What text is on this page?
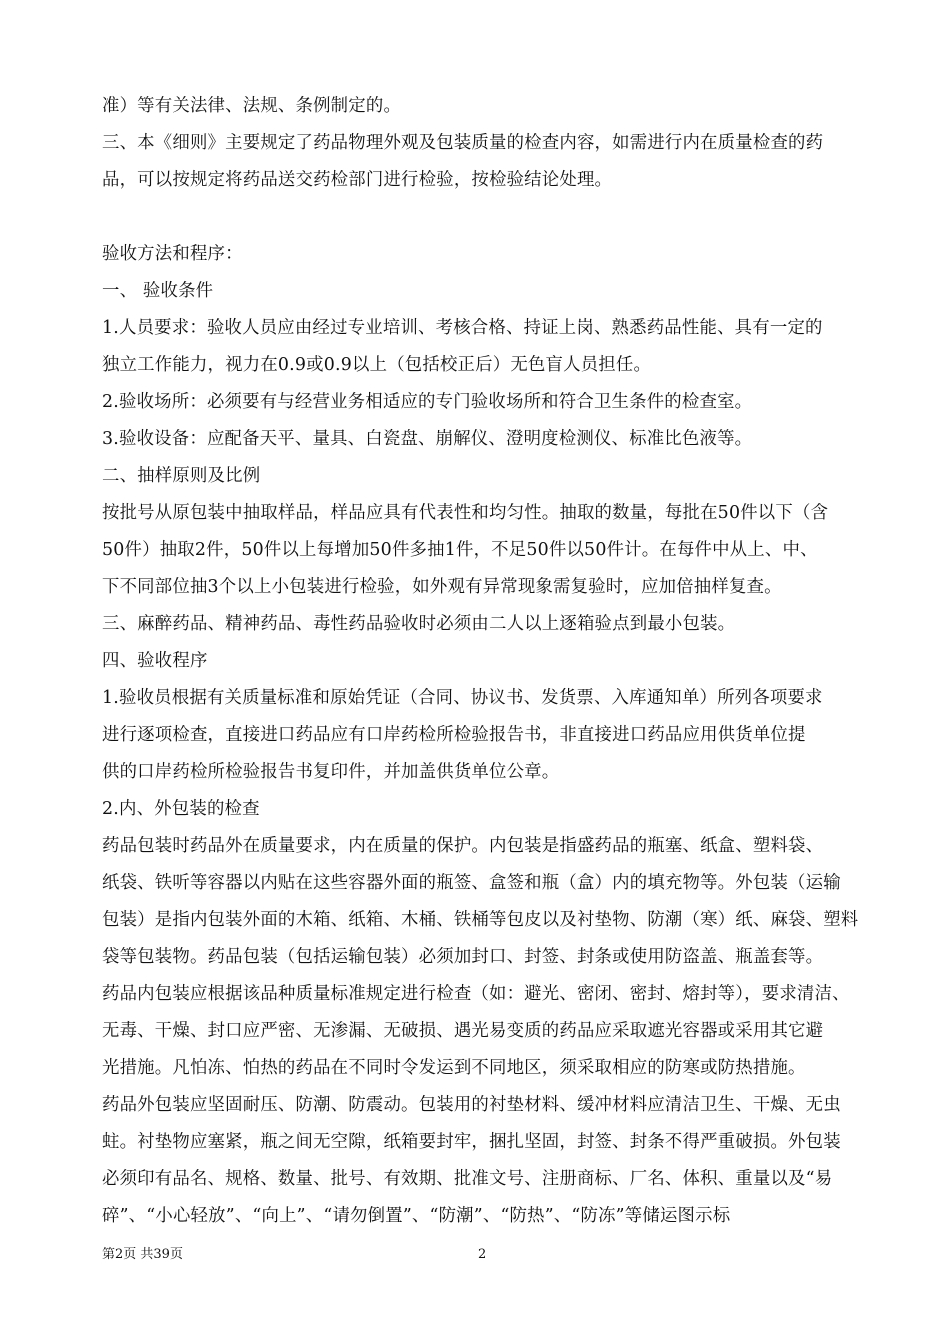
准）等有关法律、法规、条例制定的。
三、本《细则》主要规定了药品物理外观及包装质量的检查内容，如需进行内在质量检查的药
品，可以按规定将药品送交药检部门进行检验，按检验结论处理。
验收方法和程序：
一、 验收条件
1.人员要求：验收人员应由经过专业培训、考核合格、持证上岗、熟悉药品性能、具有一定的
独立工作能力，视力在0.9或0.9以上（包括校正后）无色盲人员担任。
2.验收场所：必须要有与经营业务相适应的专门验收场所和符合卫生条件的检查室。
3.验收设备：应配备天平、量具、白瓷盘、崩解仪、澄明度检测仪、标准比色液等。
二、抽样原则及比例
按批号从原包装中抽取样品，样品应具有代表性和均匀性。抽取的数量，每批在50件以下（含
50件）抽取2件，50件以上每增加50件多抽1件，不足50件以50件计。在每件中从上、中、
下不同部位抽3个以上小包装进行检验，如外观有异常现象需复验时，应加倍抽样复查。
三、麻醉药品、精神药品、毒性药品验收时必须由二人以上逐箱验点到最小包装。
四、验收程序
1.验收员根据有关质量标准和原始凭证（合同、协议书、发货票、入库通知单）所列各项要求
进行逐项检查，直接进口药品应有口岸药检所检验报告书，非直接进口药品应用供货单位提
供的口岸药检所检验报告书复印件，并加盖供货单位公章。
2.内、外包装的检查
药品包装时药品外在质量要求，内在质量的保护。内包装是指盛药品的瓶塞、纸盒、塑料袋、
纸袋、铁听等容器以内贴在这些容器外面的瓶签、盒签和瓶（盒）内的填充物等。外包装（运输
包装）是指内包装外面的木箱、纸箱、木桶、铁桶等包皮以及衬垫物、防潮（寒）纸、麻袋、塑料
袋等包装物。药品包装（包括运输包装）必须加封口、封签、封条或使用防盗盖、瓶盖套等。
药品内包装应根据该品种质量标准规定进行检查（如：避光、密闭、密封、熔封等），要求清洁、
无毒、干燥、封口应严密、无渗漏、无破损、遇光易变质的药品应采取遮光容器或采用其它避
光措施。凡怕冻、怕热的药品在不同时令发运到不同地区，须采取相应的防寒或防热措施。
药品外包装应坚固耐压、防潮、防震动。包装用的衬垫材料、缓冲材料应清洁卫生、干燥、无虫
蛀。衬垫物应塞紧，瓶之间无空隙，纸箱要封牢，捆扎坚固，封签、封条不得严重破损。外包装
必须印有品名、规格、数量、批号、有效期、批准文号、注册商标、厂名、体积、重量以及“易
碎”、“小心轻放”、“向上”、“请勿倒置”、“防潮”、“防热”、“防冻”等储运图示标
第2页 共39页	2
